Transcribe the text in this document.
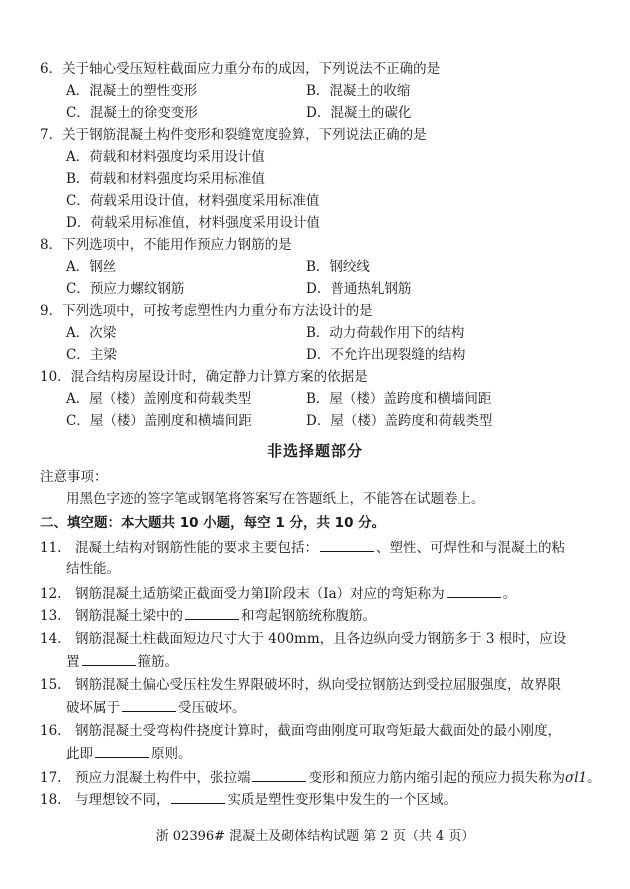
6．关于轴心受压短柱截面应力重分布的成因，下列说法不正确的是
A．混凝土的塑性变形	B．混凝土的收缩
C．混凝土的徐变变形	D．混凝土的碳化
7．关于钢筋混凝土构件变形和裂缝宽度验算，下列说法正确的是
A．荷载和材料强度均采用设计值
B．荷载和材料强度均采用标准值
C．荷载采用设计值，材料强度采用标准值
D．荷载采用标准值，材料强度采用设计值
8．下列选项中，不能用作预应力钢筋的是
A．钢丝	B．钢绞线
C．预应力螺纹钢筋	D．普通热轧钢筋
9．下列选项中，可按考虑塑性内力重分布方法设计的是
A．次梁	B．动力荷载作用下的结构
C．主梁	D．不允许出现裂缝的结构
10．混合结构房屋设计时，确定静力计算方案的依据是
A．屋（楼）盖刚度和荷载类型	B．屋（楼）盖跨度和横墙间距
C．屋（楼）盖刚度和横墙间距	D．屋（楼）盖跨度和荷载类型
非选择题部分
注意事项：
用黑色字迹的签字笔或钢笔将答案写在答题纸上，不能答在试题卷上。
二、填空题：本大题共 10 小题，每空 1 分，共 10 分。
11.　混凝土结构对钢筋性能的要求主要包括：	、塑性、可焊性和与混凝土的粘
结性能。
12.　钢筋混凝土适筋梁正截面受力第Ⅰ阶段末（Ⅰa）对应的弯矩称为	。
13.　钢筋混凝土梁中的	和弯起钢筋统称腹筋。
14.　钢筋混凝土柱截面短边尺寸大于 400mm，且各边纵向受力钢筋多于 3 根时，应设
置	箍筋。
15.　钢筋混凝土偏心受压柱发生界限破坏时，纵向受拉钢筋达到受拉屈服强度，故界限
破坏属于	受压破坏。
16.　钢筋混凝土受弯构件挠度计算时，截面弯曲刚度可取弯矩最大截面处的最小刚度，
此即	原则。
17.　预应力混凝土构件中，张拉端	变形和预应力筋内缩引起的预应力损失称为σl1。
18.　与理想铰不同，	实质是塑性变形集中发生的一个区域。
浙 02396# 混凝土及砌体结构试题 第 2 页（共 4 页）
